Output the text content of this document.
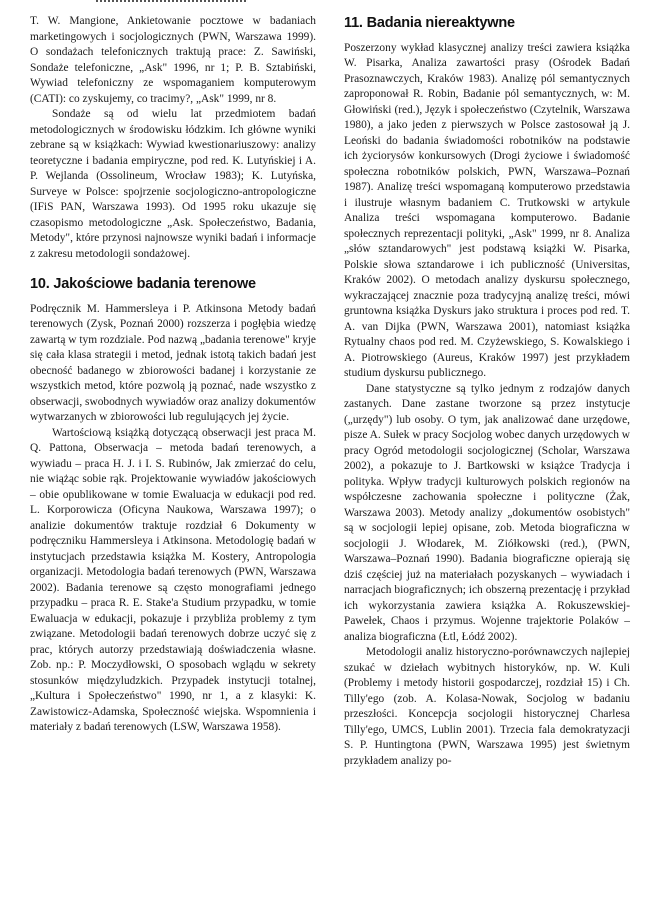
T. W. Mangione, Ankietowanie pocztowe w badaniach marketingowych i socjologicznych (PWN, Warszawa 1999). O sondażach telefonicznych traktują prace: Z. Sawiński, Sondaże telefoniczne, „Ask" 1996, nr 1; P. B. Sztabiński, Wywiad telefoniczny ze wspomaganiem komputerowym (CATI): co zyskujemy, co tracimy?, „Ask" 1999, nr 8.

Sondaże są od wielu lat przedmiotem badań metodologicznych w środowisku łódzkim. Ich główne wyniki zebrane są w książkach: Wywiad kwestionariuszowy: analizy teoretyczne i badania empiryczne, pod red. K. Lutyńskiej i A. P. Wejlanda (Ossolineum, Wrocław 1983); K. Lutyńska, Surveye w Polsce: spojrzenie socjologiczno-antropologiczne (IFiS PAN, Warszawa 1993). Od 1995 roku ukazuje się czasopismo metodologiczne „Ask. Społeczeństwo, Badania, Metody", które przynosi najnowsze wyniki badań i informacje z zakresu metodologii sondażowej.

10. Jakościowe badania terenowe

Podręcznik M. Hammersleya i P. Atkinsona Metody badań terenowych (Zysk, Poznań 2000) rozszerza i pogłębia wiedzę zawartą w tym rozdziale. Pod nazwą „badania terenowe" kryje się cała klasa strategii i metod, jednak istotą takich badań jest obecność badanego w zbiorowości badanej i korzystanie ze wszystkich metod, które pozwolą ją poznać, nade wszystko z obserwacji, swobodnych wywiadów oraz analizy dokumentów wytwarzanych w zbiorowości lub regulujących jej życie.

Wartościową książką dotyczącą obserwacji jest praca M. Q. Pattona, Obserwacja – metoda badań terenowych, a wywiadu – praca H. J. i I. S. Rubinów, Jak zmierzać do celu, nie wiążąc sobie rąk. Projektowanie wywiadów jakościowych – obie opublikowane w tomie Ewaluacja w edukacji pod red. L. Korporowicza (Oficyna Naukowa, Warszawa 1997); o analizie dokumentów traktuje rozdział 6 Dokumenty w podręczniku Hammersleya i Atkinsona. Metodologię badań w instytucjach przedstawia książka M. Kostery, Antropologia organizacji. Metodologia badań terenowych (PWN, Warszawa 2002). Badania terenowe są często monografiami jednego przypadku – praca R. E. Stake'a Studium przypadku, w tomie Ewaluacja w edukacji, pokazuje i przybliża problemy z tym związane. Metodologii badań terenowych dobrze uczyć się z prac, których autorzy przedstawiają doświadczenia własne. Zob. np.: P. Moczydłowski, O sposobach wglądu w sekrety stosunków międzyludzkich. Przypadek instytucji totalnej, „Kultura i Społeczeństwo" 1990, nr 1, a z klasyki: K. Zawistowicz-Adamska, Społeczność wiejska. Wspomnienia i materiały z badań terenowych (LSW, Warszawa 1958).

11. Badania niereaktywne

Poszerzony wykład klasycznej analizy treści zawiera książka W. Pisarka, Analiza zawartości prasy (Ośrodek Badań Prasoznawczych, Kraków 1983). Analizę pól semantycznych zaproponował R. Robin, Badanie pól semantycznych, w: M. Głowiński (red.), Język i społeczeństwo (Czytelnik, Warszawa 1980), a jako jeden z pierwszych w Polsce zastosował ją J. Leoński do badania świadomości robotników na podstawie ich życiorysów konkursowych (Drogi życiowe i świadomość społeczna robotników polskich, PWN, Warszawa–Poznań 1987). Analizę treści wspomaganą komputerowo przedstawia i ilustruje własnym badaniem C. Trutkowski w artykule Analiza treści wspomagana komputerowo. Badanie społecznych reprezentacji polityki, „Ask" 1999, nr 8. Analiza „słów sztandarowych" jest podstawą książki W. Pisarka, Polskie słowa sztandarowe i ich publiczność (Universitas, Kraków 2002). O metodach analizy dyskursu społecznego, wykraczającej znacznie poza tradycyjną analizę treści, mówi gruntowna książka Dyskurs jako struktura i proces pod red. T. A. van Dijka (PWN, Warszawa 2001), natomiast książka Rytualny chaos pod red. M. Czyżewskiego, S. Kowalskiego i A. Piotrowskiego (Aureus, Kraków 1997) jest przykładem studium dyskursu publicznego.

Dane statystyczne są tylko jednym z rodzajów danych zastanych. Dane zastane tworzone są przez instytucje („urzędy") lub osoby. O tym, jak analizować dane urzędowe, pisze A. Sułek w pracy Socjolog wobec danych urzędowych w pracy Ogród metodologii socjologicznej (Scholar, Warszawa 2002), a pokazuje to J. Bartkowski w książce Tradycja i polityka. Wpływ tradycji kulturowych polskich regionów na współczesne zachowania społeczne i polityczne (Żak, Warszawa 2003). Metody analizy „dokumentów osobistych" są w socjologii lepiej opisane, zob. Metoda biograficzna w socjologii J. Włodarek, M. Ziółkowski (red.), (PWN, Warszawa–Poznań 1990). Badania biograficzne opierają się dziś częściej już na materiałach pozyskanych – wywiadach i narracjach biograficznych; ich obszerną prezentację i przykład ich wykorzystania zawiera książka A. Rokuszewskiej-Pawełek, Chaos i przymus. Wojenne trajektorie Polaków – analiza biograficzna (Łtl, Łódź 2002).

Metodologii analiz historyczno-porównawczych najlepiej szukać w dziełach wybitnych historyków, np. W. Kuli (Problemy i metody historii gospodarczej, rozdział 15) i Ch. Tilly'ego (zob. A. Kolasa-Nowak, Socjolog w badaniu przeszłości. Koncepcja socjologii historycznej Charlesa Tilly'ego, UMCS, Lublin 2001). Trzecia fala demokratyzacji S. P. Huntingtona (PWN, Warszawa 1995) jest świetnym przykładem analizy po-
